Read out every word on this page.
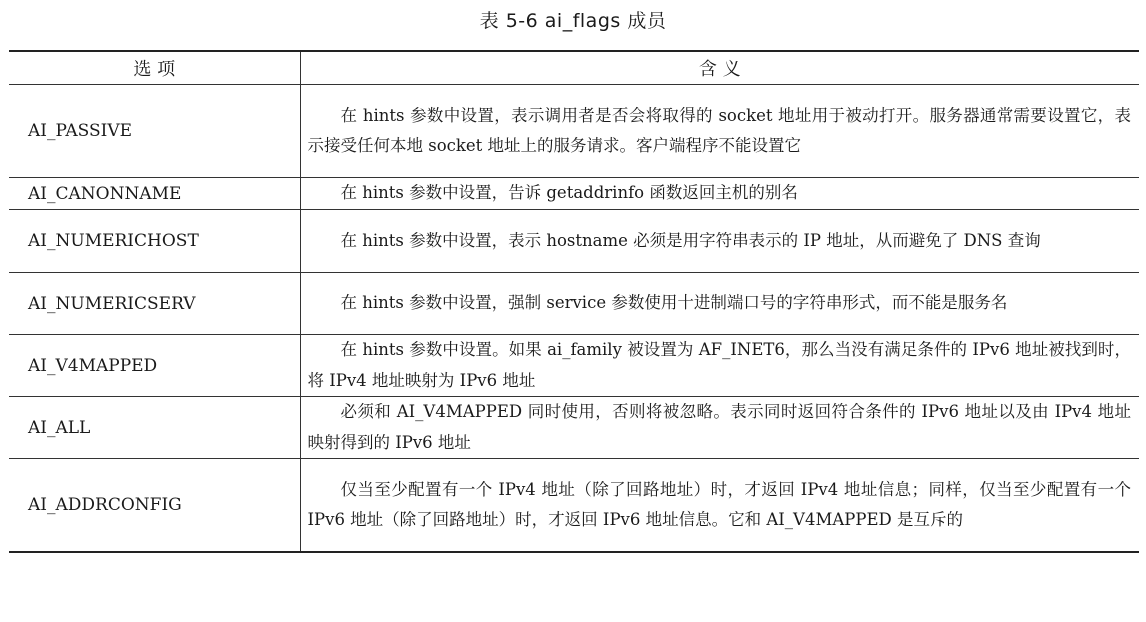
表 5-6 ai_flags 成员
选 项	含 义
AI_PASSIVE	在 hints 参数中设置，表示调用者是否会将取得的 socket 地址用于被动打开。服务器通常需要设置它，表示接受任何本地 socket 地址上的服务请求。客户端程序不能设置它
AI_CANONNAME	在 hints 参数中设置，告诉 getaddrinfo 函数返回主机的别名
AI_NUMERICHOST	在 hints 参数中设置，表示 hostname 必须是用字符串表示的 IP 地址，从而避免了 DNS 查询
AI_NUMERICSERV	在 hints 参数中设置，强制 service 参数使用十进制端口号的字符串形式，而不能是服务名
AI_V4MAPPED	在 hints 参数中设置。如果 ai_family 被设置为 AF_INET6，那么当没有满足条件的 IPv6 地址被找到时，将 IPv4 地址映射为 IPv6 地址
AI_ALL	必须和 AI_V4MAPPED 同时使用，否则将被忽略。表示同时返回符合条件的 IPv6 地址以及由 IPv4 地址映射得到的 IPv6 地址
AI_ADDRCONFIG	仅当至少配置有一个 IPv4 地址（除了回路地址）时，才返回 IPv4 地址信息；同样，仅当至少配置有一个 IPv6 地址（除了回路地址）时，才返回 IPv6 地址信息。它和 AI_V4MAPPED 是互斥的
